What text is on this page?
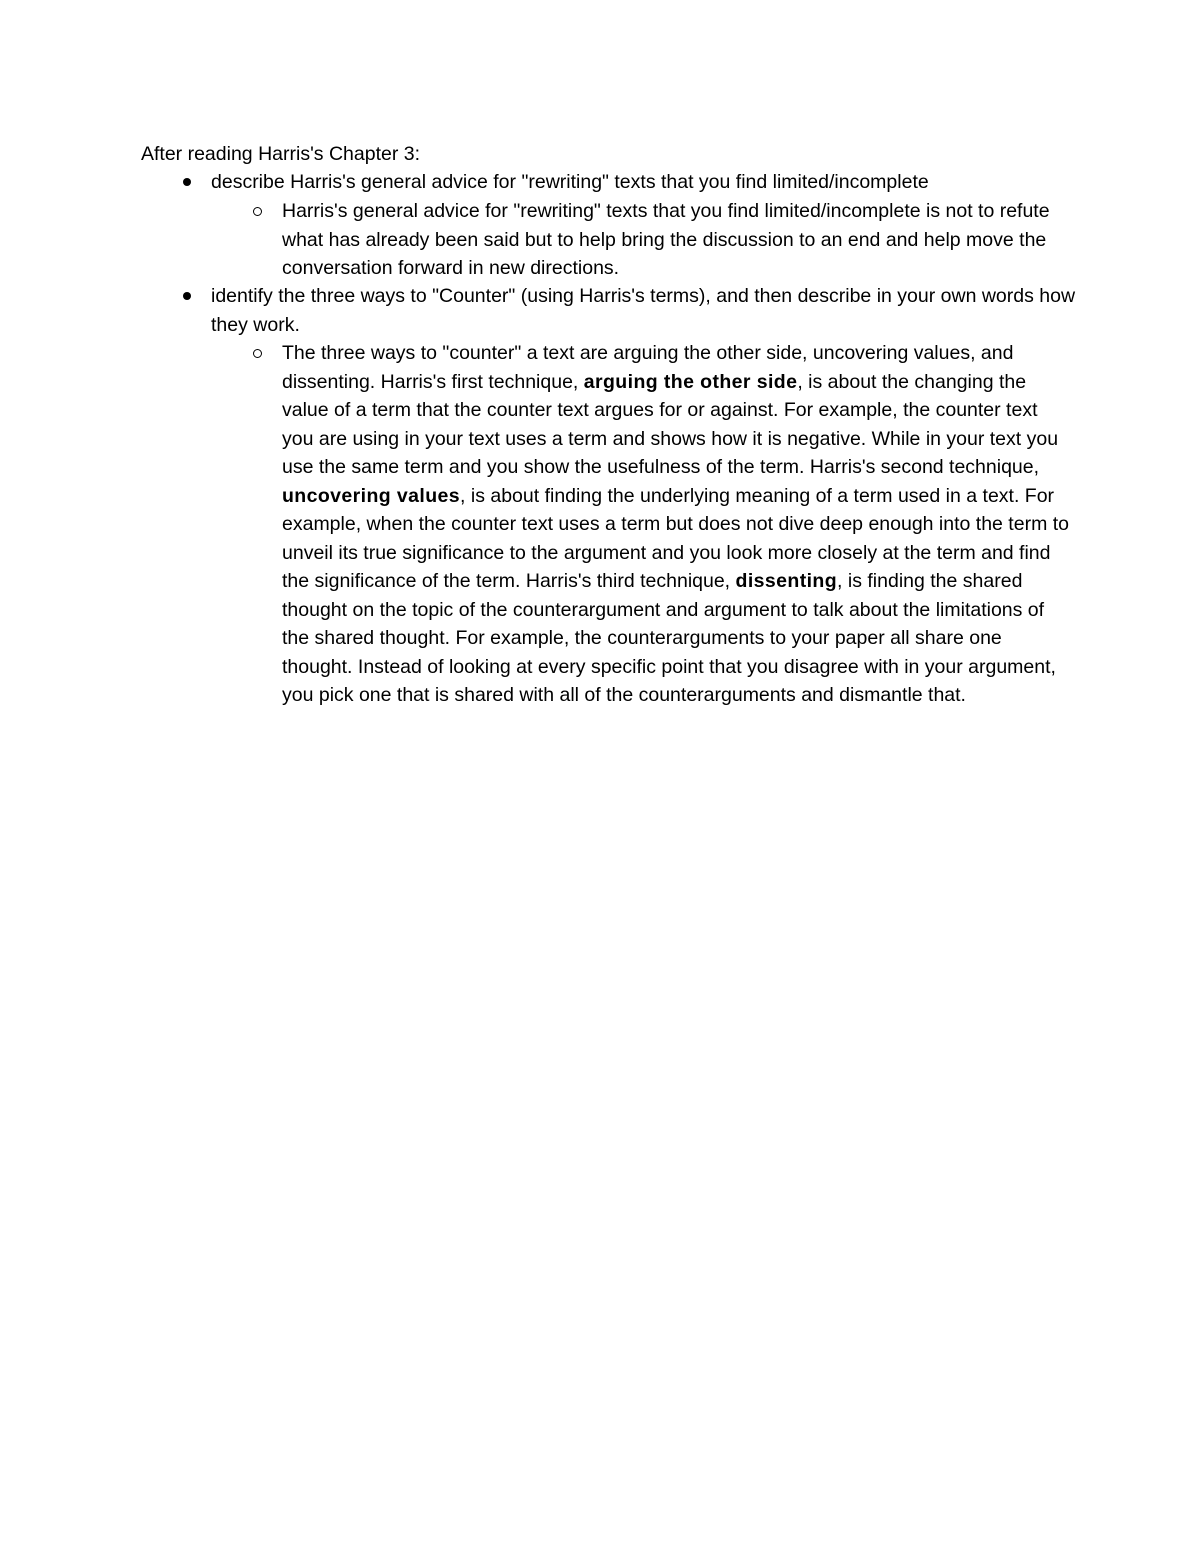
After reading Harris's Chapter 3:

describe Harris's general advice for "rewriting" texts that you find limited/incomplete

Harris's general advice for "rewriting" texts that you find limited/incomplete is not to refute what has already been said but to help bring the discussion to an end and help move the conversation forward in new directions.

identify the three ways to "Counter" (using Harris's terms), and then describe in your own words how they work.

The three ways to "counter" a text are arguing the other side, uncovering values, and dissenting. Harris's first technique, arguing the other side, is about the changing the value of a term that the counter text argues for or against. For example, the counter text you are using in your text uses a term and shows how it is negative. While in your text you use the same term and you show the usefulness of the term. Harris's second technique, uncovering values, is about finding the underlying meaning of a term used in a text. For example, when the counter text uses a term but does not dive deep enough into the term to unveil its true significance to the argument and you look more closely at the term and find the significance of the term. Harris's third technique, dissenting, is finding the shared thought on the topic of the counterargument and argument to talk about the limitations of the shared thought. For example, the counterarguments to your paper all share one thought. Instead of looking at every specific point that you disagree with in your argument, you pick one that is shared with all of the counterarguments and dismantle that.
